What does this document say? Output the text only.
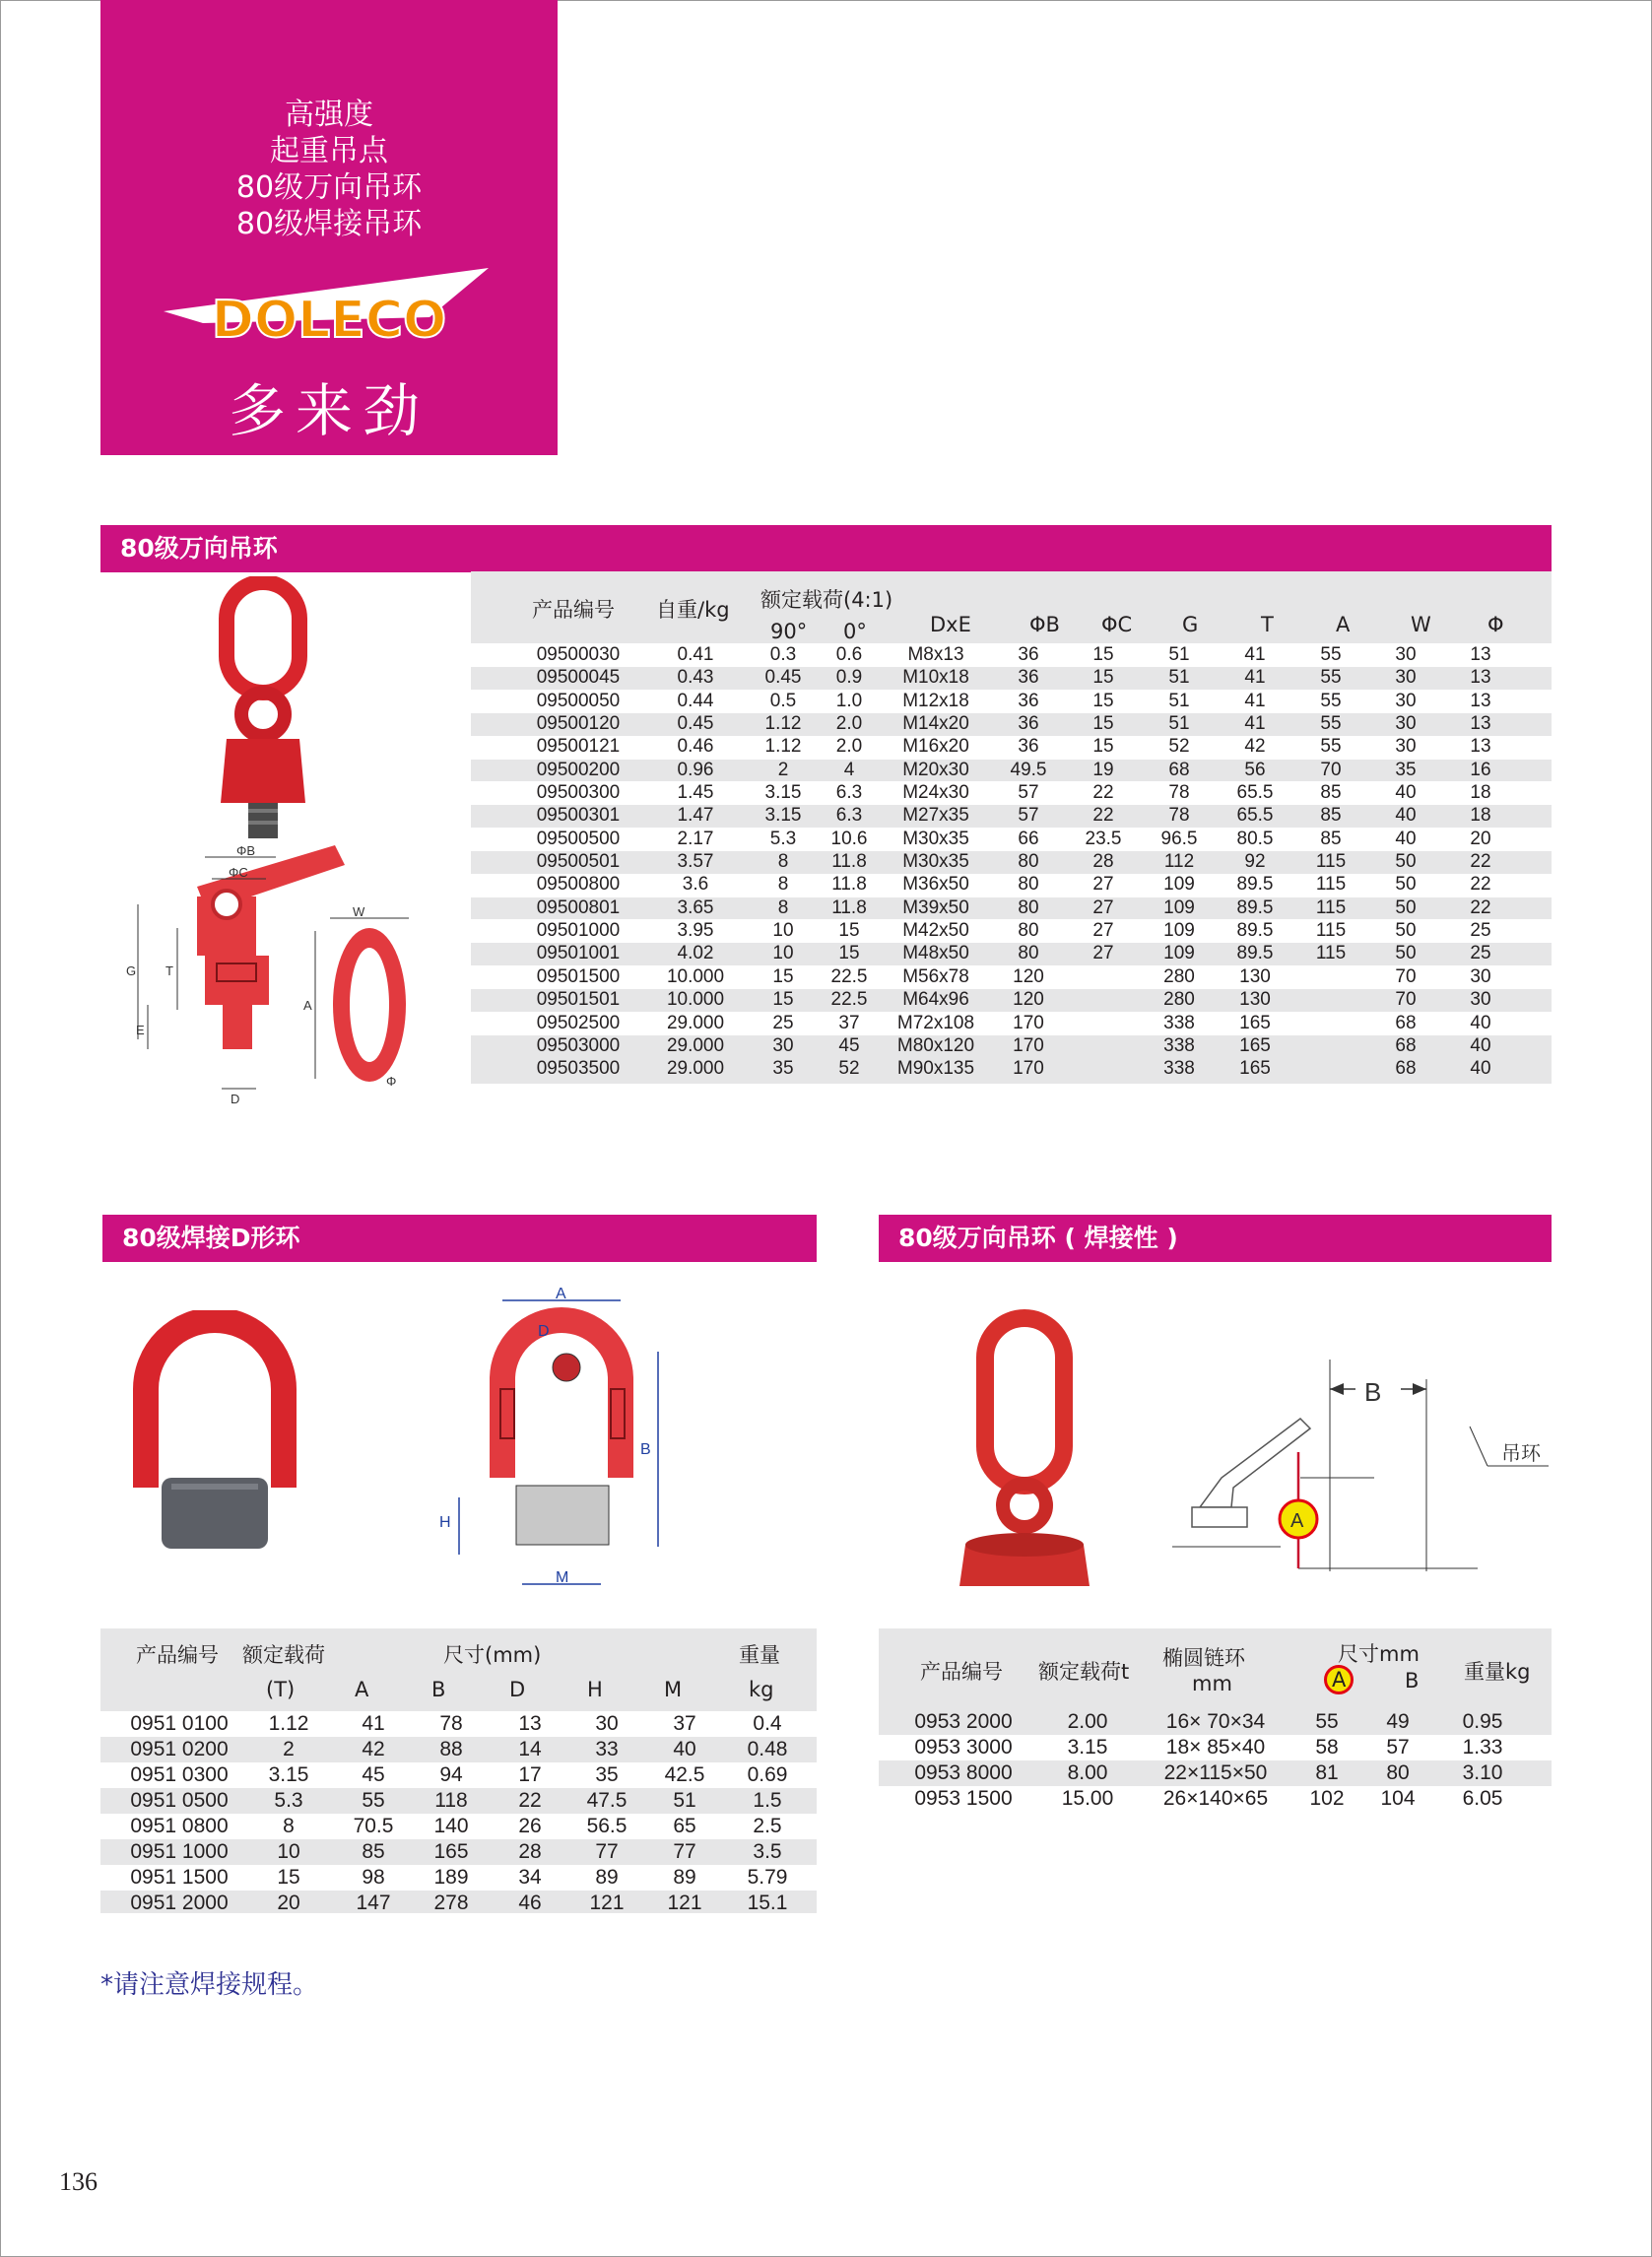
高强度
起重吊点
80级万向吊环
80级焊接吊环
DOLECO
多来劲
80级万向吊环
ΦB
ΦC
W
G T
A
E
D
Φ
产品编号 自重/kg 额定载荷(4:1)
90° 0°	DxE	ΦB ΦC G	T	A	W	Φ
09500030	0.41	0.3	0.6	M8x13	36	15	51	41	55	30	13
09500045	0.43	0.45	0.9	M10x18	36	15	51	41	55	30	13
09500050	0.44	0.5	1.0	M12x18	36	15	51	41	55	30	13
09500120	0.45	1.12	2.0	M14x20	36	15	51	41	55	30	13
09500121	0.46	1.12	2.0	M16x20	36	15	52	42	55	30	13
09500200	0.96	2	4	M20x30	49.5	19	68	56	70	35	16
09500300	1.45	3.15	6.3	M24x30	57	22	78	65.5	85	40	18
09500301	1.47	3.15	6.3	M27x35	57	22	78	65.5	85	40	18
09500500	2.17	5.3	10.6	M30x35	66	23.5	96.5	80.5	85	40	20
09500501	3.57	8	11.8	M30x35	80	28	112	92	115	50	22
09500800	3.6	8	11.8	M36x50	80	27	109	89.5	115	50	22
09500801	3.65	8	11.8	M39x50	80	27	109	89.5	115	50	22
09501000	3.95	10	15	M42x50	80	27	109	89.5	115	50	25
09501001	4.02	10	15	M48x50	80	27	109	89.5	115	50	25
09501500	10.000	15	22.5	M56x78	120		280	130		70	30
09501501	10.000	15	22.5	M64x96	120		280	130		70	30
09502500	29.000	25	37	M72x108	170		338	165		68	40
09503000	29.000	30	45	M80x120	170		338	165		68	40
09503500	29.000	35	52	M90x135	170		338	165		68	40
80级焊接D形环
A
D
B
H
M
产品编号 额定载荷	尺寸(mm)	重量
(T)	A	B	D	H	M	kg
0951 0100	1.12	41	78	13	30	37	0.4
0951 0200	2	42	88	14	33	40	0.48
0951 0300	3.15	45	94	17	35	42.5	0.69
0951 0500	5.3	55	118	22	47.5	51	1.5
0951 0800	8	70.5	140	26	56.5	65	2.5
0951 1000	10	85	165	28	77	77	3.5
0951 1500	15	98	189	34	89	89	5.79
0951 2000	20	147	278	46	121	121	15.1
80级万向吊环 ( 焊接性 )
B
A
吊环
产品编号 额定载荷t
椭圆链环
mm
尺寸mm
A	B 重量kg
0953 2000	2.00	16× 70×34	55	49	0.95
0953 3000	3.15	18× 85×40	58	57	1.33
0953 8000	8.00	22×115×50	81	80	3.10
0953 1500	15.00	26×140×65	102	104	6.05
*请注意焊接规程。
136
